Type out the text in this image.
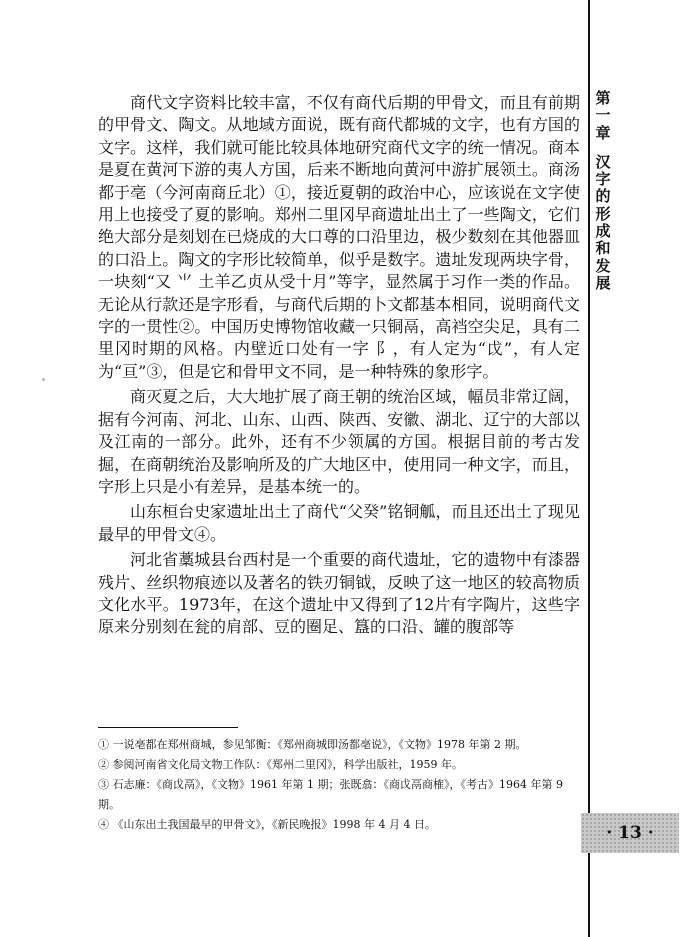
第
一
章
汉
字
的
形
成
和
发
展
· 13 ·

商代文字资料比较丰富，不仅有商代后期的甲骨文，而且有前期的甲骨文、陶文。从地域方面说，既有商代都城的文字，也有方国的文字。这样，我们就可能比较具体地研究商代文字的统一情况。商本是夏在黄河下游的夷人方国，后来不断地向黄河中游扩展领土。商汤都于亳（今河南商丘北）①，接近夏朝的政治中心，应该说在文字使用上也接受了夏的影响。郑州二里冈早商遗址出土了一些陶文，它们绝大部分是刻划在已烧成的大口尊的口沿里边，极少数刻在其他器皿的口沿上。陶文的字形比较简单，似乎是数字。遗址发现两块字骨，一块刻“又 ⺌ 土羊乙贞从受十月”等字，显然属于习作一类的作品。无论从行款还是字形看，与商代后期的卜文都基本相同，说明商代文字的一贯性②。中国历史博物馆收藏一只铜鬲，高裆空尖足，具有二里冈时期的风格。内壁近口处有一字 ⻖，有人定为“戉”，有人定为“亘”③，但是它和骨甲文不同，是一种特殊的象形字。

商灭夏之后，大大地扩展了商王朝的统治区域，幅员非常辽阔，据有今河南、河北、山东、山西、陕西、安徽、湖北、辽宁的大部以及江南的一部分。此外，还有不少领属的方国。根据目前的考古发掘，在商朝统治及影响所及的广大地区中，使用同一种文字，而且，字形上只是小有差异，是基本统一的。

山东桓台史家遗址出土了商代“父癸”铭铜觚，而且还出土了现见最早的甲骨文④。

河北省藁城县台西村是一个重要的商代遗址，它的遗物中有漆器残片、丝织物痕迹以及著名的铁刃铜钺，反映了这一地区的较高物质文化水平。1973年，在这个遗址中又得到了12片有字陶片，这些字原来分别刻在瓮的肩部、豆的圈足、簋的口沿、罐的腹部等

① 一说亳都在郑州商城，参见邹衡：《郑州商城即汤都亳说》，《文物》1978 年第 2 期。

② 参阅河南省文化局文物工作队：《郑州二里冈》，科学出版社，1959 年。

③ 石志廉：《商戉鬲》，《文物》1961 年第 1 期；张既翕：《商戉鬲商榷》，《考古》1964 年第 9 期。

④ 《山东出土我国最早的甲骨文》，《新民晚报》1998 年 4 月 4 日。
